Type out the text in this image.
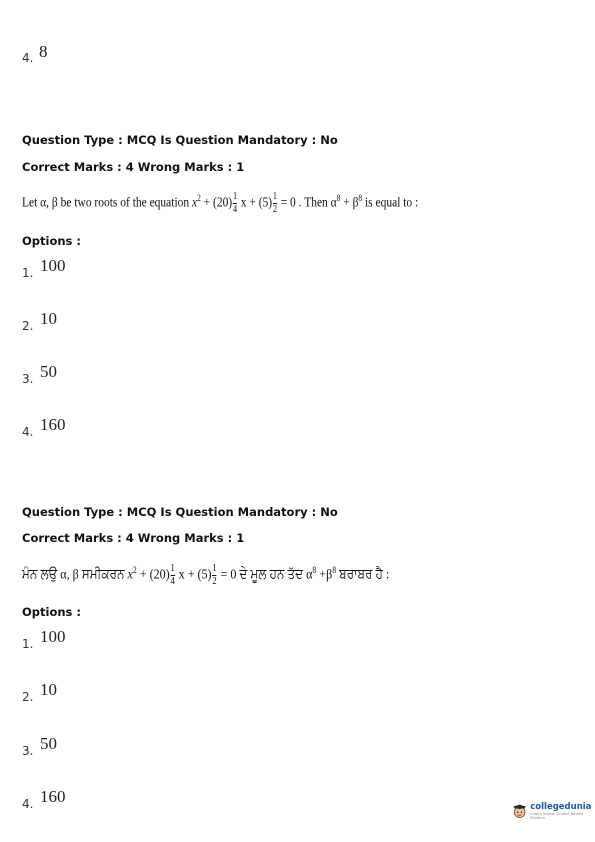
4. 8
Question Type : MCQ Is Question Mandatory : No
Correct Marks : 4 Wrong Marks : 1
Let α, β be two roots of the equation $x^2 + (20) \frac{1}{4}$ $x + (5) \frac{1}{2} = 0$ . Then $\alpha^8 + \beta^8$ is equal to :
Options :
1. 100
2. 10
3. 50
4. 160
Question Type : MCQ Is Question Mandatory : No
Correct Marks : 4 Wrong Marks : 1
ਮੰਨ ਲਉ α, β ਸਮੀਕਰਨ $x^2 + (20) \frac{1}{4}$ $x + (5) \frac{1}{2} = 0$ ਦੇ ਮੂਲ ਹਨ ਤੱਦ $\alpha^8 +\beta^8$ ਬਰਾਬਰ ਹੈ :
Options :
1. 100
2. 10
3. 50
4. 160
collegedunia
India's largest Student Review Platform
